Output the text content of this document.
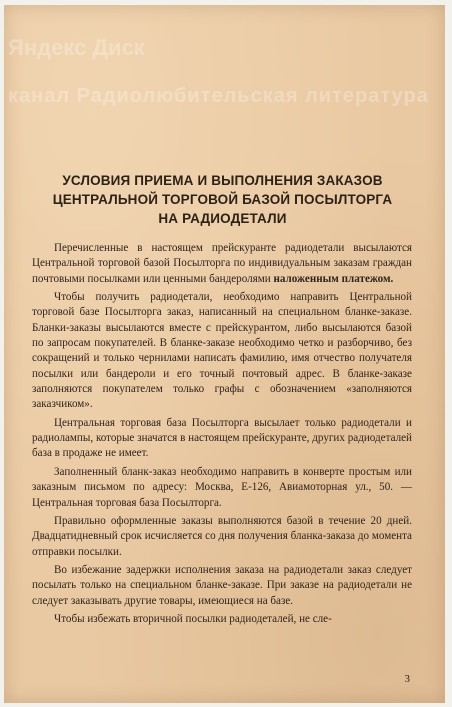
Яндекс Диск
канал Радиолюбительская литература
УСЛОВИЯ ПРИЕМА И ВЫПОЛНЕНИЯ ЗАКАЗОВ
ЦЕНТРАЛЬНОЙ ТОРГОВОЙ БАЗОЙ ПОСЫЛТОРГА
НА РАДИОДЕТАЛИ

Перечисленные в настоящем прейскуранте радиодетали высылаются Центральной торговой базой Посылторга по индивидуальным заказам граждан почтовыми посылками или ценными бандеролями наложенным платежом.

Чтобы получить радиодетали, необходимо направить Центральной торговой базе Посылторга заказ, написанный на специальном бланке-заказе. Бланки-заказы высылаются вместе с прейскурантом, либо высылаются базой по запросам покупателей. В бланке-заказе необходимо четко и разборчиво, без сокращений и только чернилами написать фамилию, имя отчество получателя посылки или бандероли и его точный почтовый адрес. В бланке-заказе заполняются покупателем только графы с обозначением «заполняются заказчиком».

Центральная торговая база Посылторга высылает только радиодетали и радиолампы, которые значатся в настоящем прейскуранте, других радиодеталей база в продаже не имеет.

Заполненный бланк-заказ необходимо направить в конверте простым или заказным письмом по адресу: Москва, Е-126, Авиамоторная ул., 50. — Центральная торговая база Посылторга.

Правильно оформленные заказы выполняются базой в течение 20 дней. Двадцатидневный срок исчисляется со дня получения бланка-заказа до момента отправки посылки.

Во избежание задержки исполнения заказа на радиодетали заказ следует посылать только на специальном бланке-заказе. При заказе на радиодетали не следует заказывать другие товары, имеющиеся на базе.

Чтобы избежать вторичной посылки радиодеталей, не сле-

3
